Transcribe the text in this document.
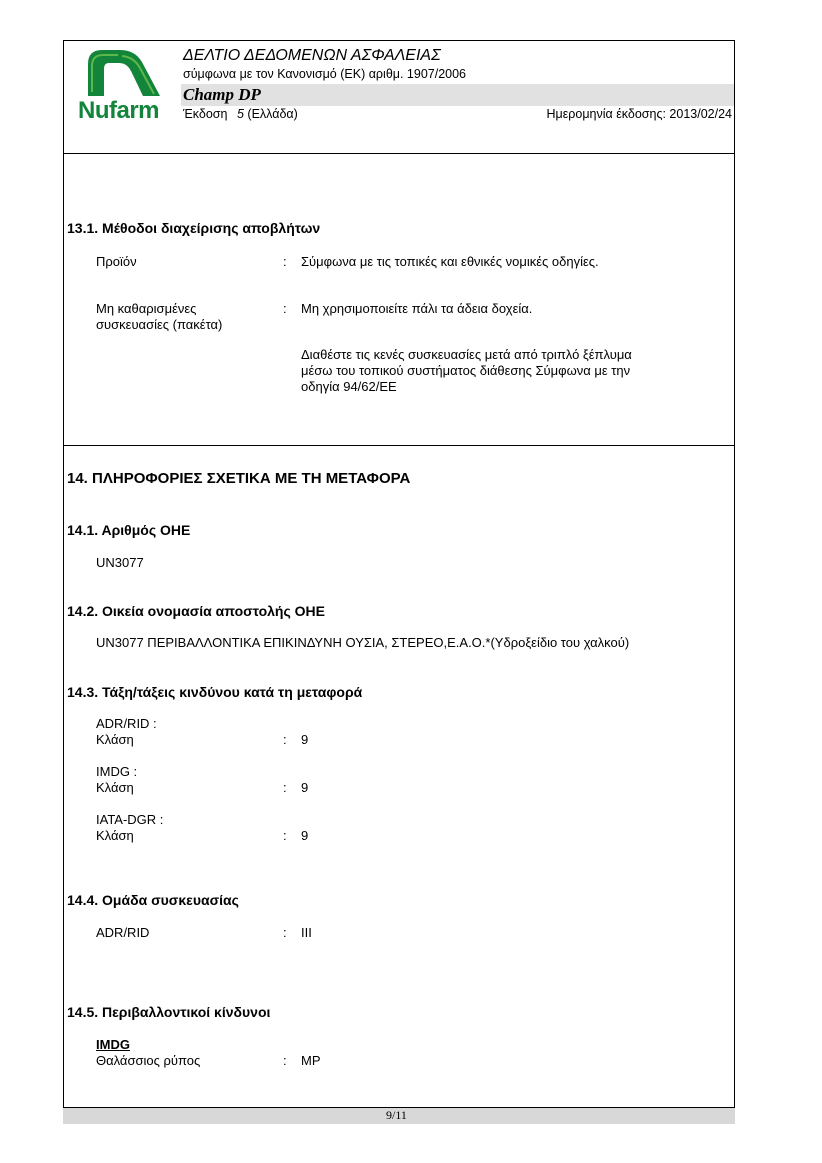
Nufarm
ΔΕΛΤΙΟ ΔΕΔΟΜΕΝΩΝ ΑΣΦΑΛΕΙΑΣ
σύμφωνα με τον Κανονισμό (ΕΚ) αριθμ. 1907/2006
Champ DP
Έκδοση 5 (Ελλάδα)	Ημερομηνία έκδοσης: 2013/02/24
13.1. Μέθοδοι διαχείρισης αποβλήτων
Προϊόν	: Σύμφωνα με τις τοπικές και εθνικές νομικές οδηγίες.
Μη καθαρισμένες
συσκευασίες (πακέτα)
: Μη χρησιμοποιείτε πάλι τα άδεια δοχεία.
Διαθέστε τις κενές συσκευασίες μετά από τριπλό ξέπλυμα
μέσω του τοπικού συστήματος διάθεσης Σύμφωνα με την
οδηγία 94/62/ΕΕ
14. ΠΛΗΡΟΦΟΡΙΕΣ ΣΧΕΤΙΚΑ ΜΕ ΤΗ ΜΕΤΑΦΟΡΑ
14.1. Αριθμός ΟΗΕ
UN3077
14.2. Οικεία ονομασία αποστολής ΟΗΕ
UN3077 ΠΕΡΙΒΑΛΛΟΝΤΙΚΑ ΕΠΙΚΙΝΔΥΝΗ ΟΥΣΙΑ, ΣΤΕΡΕΟ,Ε.Α.Ο.*(Υδροξείδιο του χαλκού)
14.3. Τάξη/τάξεις κινδύνου κατά τη μεταφορά
ADR/RID :
Κλάση	: 9
IMDG :
Κλάση	: 9
IATA-DGR :
Κλάση	: 9
14.4. Ομάδα συσκευασίας
ADR/RID	: III
14.5. Περιβαλλοντικοί κίνδυνοι
IMDG
Θαλάσσιος ρύπος	: MP
9/11
